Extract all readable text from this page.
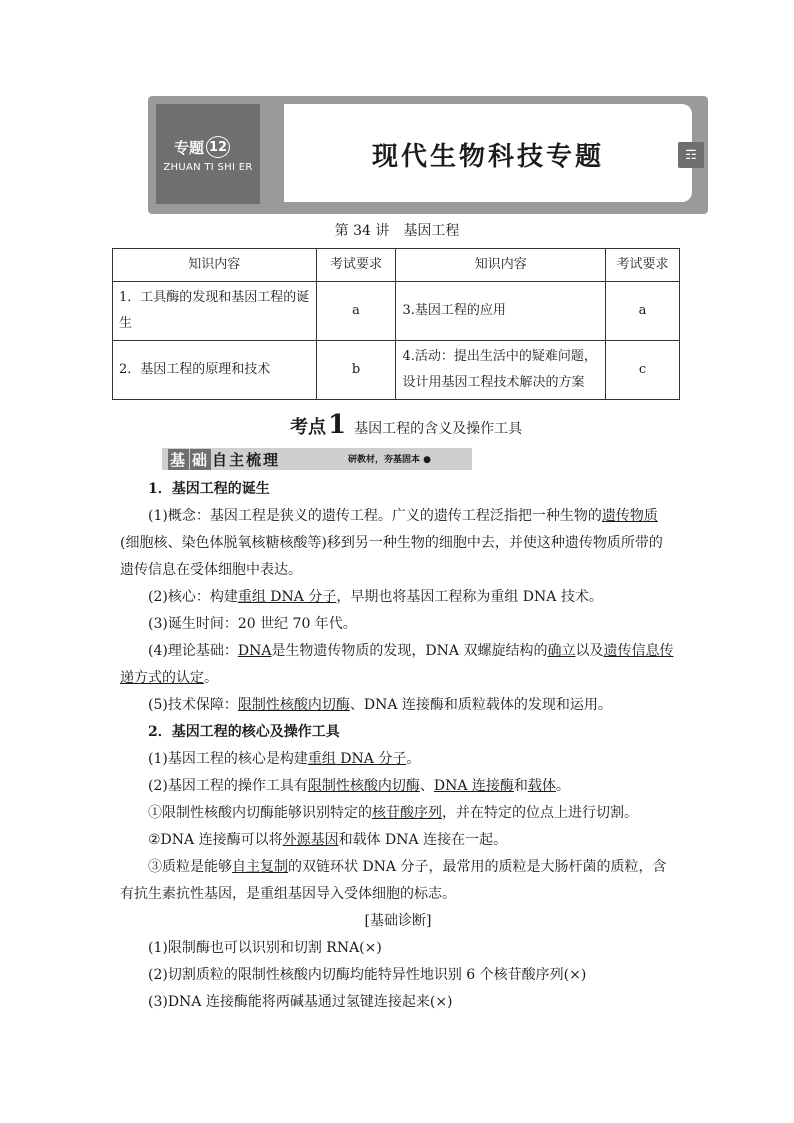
专题 12
ZHUAN TI SHI ER	现代生物科技专题	☶
第 34 讲　基因工程
知识内容	考试要求	知识内容	考试要求
1．工具酶的发现和基因工程的诞生	a	3.基因工程的应用	a
2．基因工程的原理和技术	b	4.活动：提出生活中的疑难问题，设计用基因工程技术解决的方案	c
考点1 基因工程的含义及操作工具
基 础 自主梳理	研教材，夯基固本 ●

1．基因工程的诞生

(1)概念：基因工程是狭义的遗传工程。广义的遗传工程泛指把一种生物的遗传物质(细胞核、染色体脱氧核糖核酸等)移到另一种生物的细胞中去，并使这种遗传物质所带的遗传信息在受体细胞中表达。

(2)核心：构建重组 DNA 分子，早期也将基因工程称为重组 DNA 技术。

(3)诞生时间：20 世纪 70 年代。

(4)理论基础：DNA是生物遗传物质的发现，DNA 双螺旋结构的确立以及遗传信息传递方式的认定。

(5)技术保障：限制性核酸内切酶、DNA 连接酶和质粒载体的发现和运用。

2．基因工程的核心及操作工具

(1)基因工程的核心是构建重组 DNA 分子。

(2)基因工程的操作工具有限制性核酸内切酶、DNA 连接酶和载体。

①限制性核酸内切酶能够识别特定的核苷酸序列，并在特定的位点上进行切割。

②DNA 连接酶可以将外源基因和载体 DNA 连接在一起。

③质粒是能够自主复制的双链环状 DNA 分子，最常用的质粒是大肠杆菌的质粒，含有抗生素抗性基因，是重组基因导入受体细胞的标志。

[基础诊断]

(1)限制酶也可以识别和切割 RNA(×)

(2)切割质粒的限制性核酸内切酶均能特异性地识别 6 个核苷酸序列(×)

(3)DNA 连接酶能将两碱基通过氢键连接起来(×)
